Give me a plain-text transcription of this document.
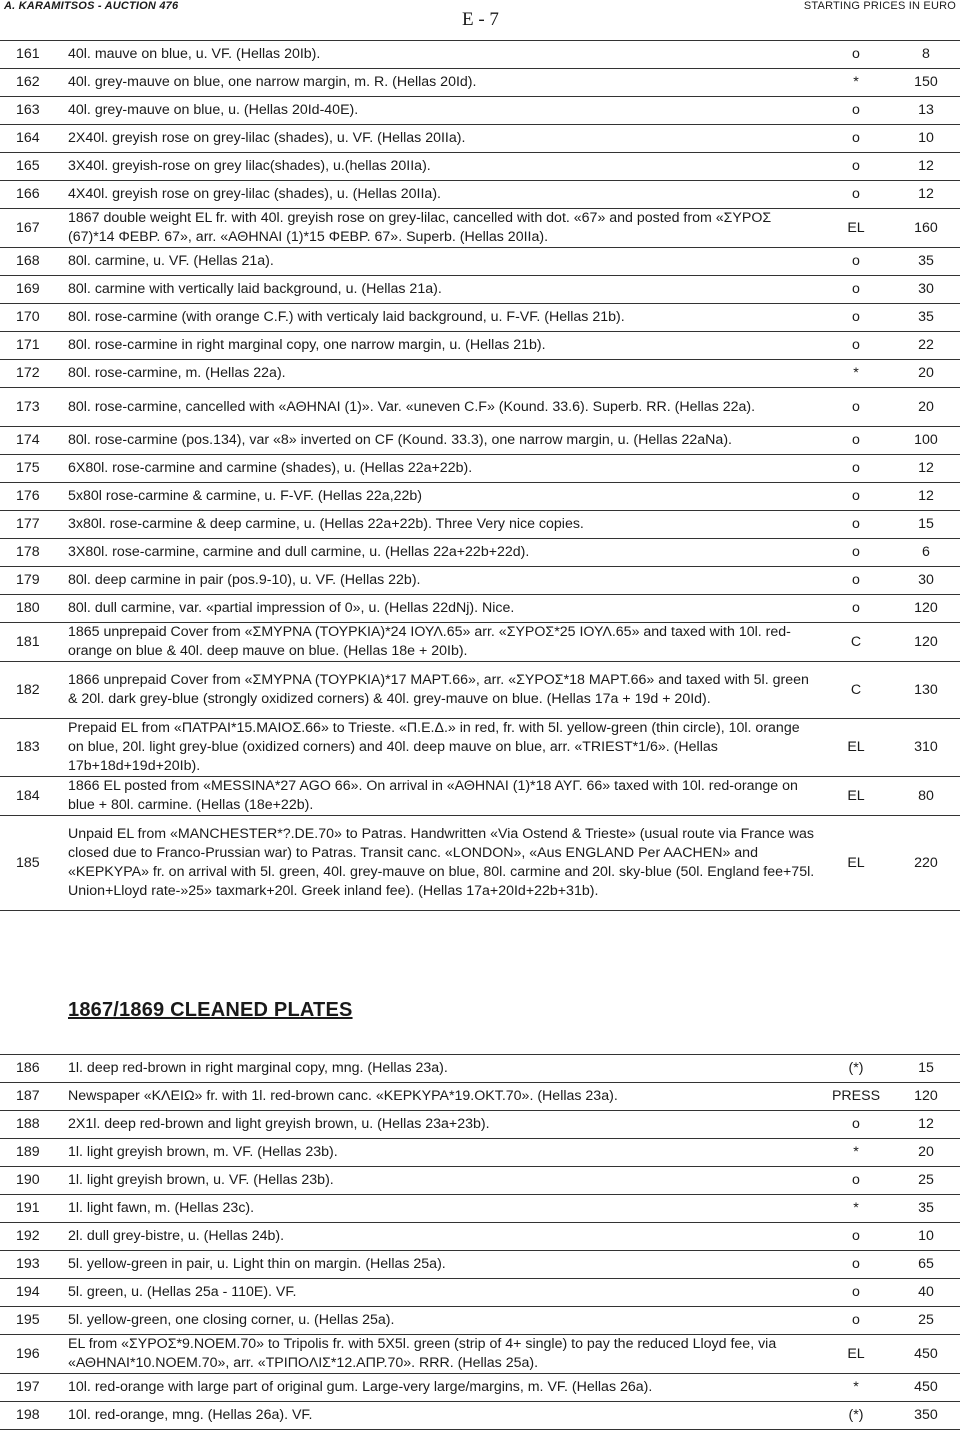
A. KARAMITSOS - AUCTION 476
E - 7
STARTING PRICES IN EURO
161	40l. mauve on blue, u. VF. (Hellas 20Ib).	o	8
162	40l. grey-mauve on blue, one narrow margin, m. R. (Hellas 20Id).	*	150
163	40l. grey-mauve on blue, u. (Hellas 20Id-40E).	o	13
164	2X40l. greyish rose on grey-lilac (shades), u. VF. (Hellas 20IIa).	o	10
165	3X40l. greyish-rose on grey lilac(shades), u.(hellas 20IIa).	o	12
166	4X40l. greyish rose on grey-lilac (shades), u. (Hellas 20IIa).	o	12
167	1867 double weight EL fr. with 40l. greyish rose on grey-lilac, cancelled with dot. «67» and posted from «ΣΥΡΟΣ (67)*14 ΦΕΒΡ. 67», arr. «ΑΘΗΝΑΙ (1)*15 ΦΕΒΡ. 67». Superb. (Hellas 20IIa).	EL	160
168	80l. carmine, u. VF. (Hellas 21a).	o	35
169	80l. carmine with vertically laid background, u. (Hellas 21a).	o	30
170	80l. rose-carmine (with orange C.F.) with verticaly laid background, u. F-VF. (Hellas 21b).	o	35
171	80l. rose-carmine in right marginal copy, one narrow margin, u. (Hellas 21b).	o	22
172	80l. rose-carmine, m. (Hellas 22a).	*	20
173	80l. rose-carmine, cancelled with «ΑΘΗΝΑΙ (1)». Var. «uneven C.F» (Kound. 33.6). Superb. RR. (Hellas 22a).	o	20
174	80l. rose-carmine (pos.134), var «8» inverted on CF (Kound. 33.3), one narrow margin, u. (Hellas 22aNa).	o	100
175	6X80l. rose-carmine and carmine (shades), u. (Hellas 22a+22b).	o	12
176	5x80l rose-carmine & carmine, u. F-VF. (Hellas 22a,22b)	o	12
177	3x80l. rose-carmine & deep carmine, u. (Hellas 22a+22b). Three Very nice copies.	o	15
178	3X80l. rose-carmine, carmine and dull carmine, u. (Hellas 22a+22b+22d).	o	6
179	80l. deep carmine in pair (pos.9-10), u. VF. (Hellas 22b).	o	30
180	80l. dull carmine, var. «partial impression of 0», u. (Hellas 22dNj). Nice.	o	120
181	1865 unprepaid Cover from «ΣΜΥΡΝΑ (ΤΟΥΡΚΙΑ)*24 ΙΟΥΛ.65» arr. «ΣΥΡΟΣ*25 ΙΟΥΛ.65» and taxed with 10l. red-orange on blue & 40l. deep mauve on blue. (Hellas 18e + 20Ib).	C	120
182	1866 unprepaid Cover from «ΣΜΥΡΝΑ (ΤΟΥΡΚΙΑ)*17 ΜΑΡΤ.66», arr. «ΣΥΡΟΣ*18 ΜΑΡΤ.66» and taxed with 5l. green & 20l. dark grey-blue (strongly oxidized corners) & 40l. grey-mauve on blue. (Hellas 17a + 19d + 20Id).	C	130
183	Prepaid EL from «ΠΑΤΡΑΙ*15.ΜΑΙΟΣ.66» to Trieste. «Π.Ε.Δ.» in red, fr. with 5l. yellow-green (thin circle), 10l. orange on blue, 20l. light grey-blue (oxidized corners) and 40l. deep mauve on blue, arr. «TRIEST*1/6». (Hellas 17b+18d+19d+20Ib).	EL	310
184	1866 EL posted from «MESSINA*27 AGO 66». On arrival in «ΑΘΗΝΑΙ (1)*18 ΑΥΓ. 66» taxed with 10l. red-orange on blue + 80l. carmine. (Hellas (18e+22b).	EL	80
185	Unpaid EL from «MANCHESTER*?.DE.70» to Patras. Handwritten «Via Ostend & Trieste» (usual route via France was closed due to Franco-Prussian war) to Patras. Transit canc. «LONDON», «Aus ENGLAND Per AACHEN» and «ΚΕΡΚΥΡΑ» fr. on arrival with 5l. green, 40l. grey-mauve on blue, 80l. carmine and 20l. sky-blue (50l. England fee+75l. Union+Lloyd rate-»25» taxmark+20l. Greek inland fee). (Hellas 17a+20Id+22b+31b).	EL	220
1867/1869 CLEANED PLATES
186	1l. deep red-brown in right marginal copy, mng. (Hellas 23a).	(*)	15
187	Newspaper «ΚΛΕΙΩ» fr. with 1l. red-brown canc. «ΚΕΡΚΥΡΑ*19.ΟΚΤ.70». (Hellas 23a).	PRESS	120
188	2X1l. deep red-brown and light greyish brown, u. (Hellas 23a+23b).	o	12
189	1l. light greyish brown, m. VF. (Hellas 23b).	*	20
190	1l. light greyish brown, u. VF. (Hellas 23b).	o	25
191	1l. light fawn, m. (Hellas 23c).	*	35
192	2l. dull grey-bistre, u. (Hellas 24b).	o	10
193	5l. yellow-green in pair, u. Light thin on margin. (Hellas 25a).	o	65
194	5l. green, u. (Hellas 25a - 110E). VF.	o	40
195	5l. yellow-green, one closing corner, u. (Hellas 25a).	o	25
196	EL from «ΣΥΡΟΣ*9.ΝΟΕΜ.70» to Tripolis fr. with 5X5l. green (strip of 4+ single) to pay the reduced Lloyd fee, via «ΑΘΗΝΑΙ*10.ΝΟΕΜ.70», arr. «ΤΡΙΠΟΛΙΣ*12.ΑΠΡ.70». RRR. (Hellas 25a).	EL	450
197	10l. red-orange with large part of original gum. Large-very large/margins, m. VF. (Hellas 26a).	*	450
198	10l. red-orange, mng. (Hellas 26a). VF.	(*)	350
